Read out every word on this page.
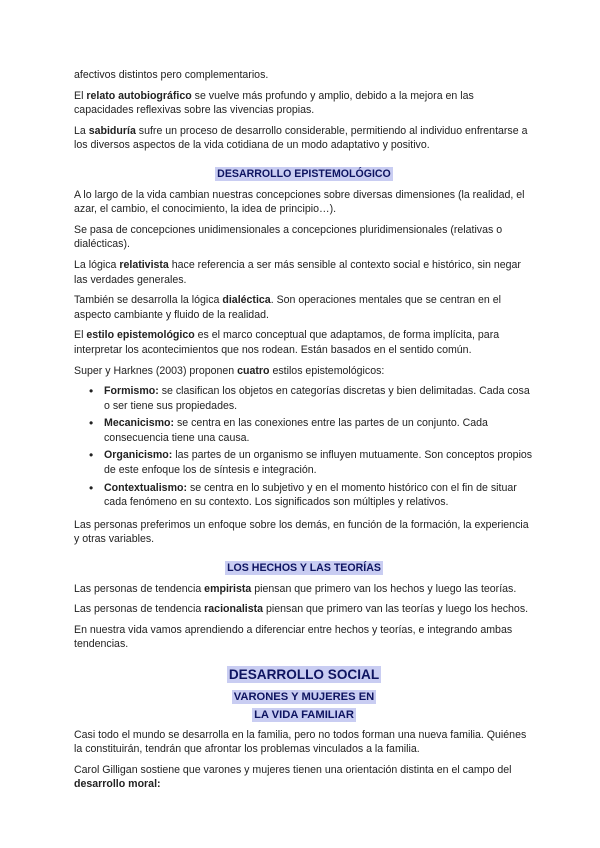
afectivos distintos pero complementarios.

El relato autobiográfico se vuelve más profundo y amplio, debido a la mejora en las capacidades reflexivas sobre las vivencias propias.

La sabiduría sufre un proceso de desarrollo considerable, permitiendo al individuo enfrentarse a los diversos aspectos de la vida cotidiana de un modo adaptativo y positivo.

DESARROLLO EPISTEMOLÓGICO

A lo largo de la vida cambian nuestras concepciones sobre diversas dimensiones (la realidad, el azar, el cambio, el conocimiento, la idea de principio…).

Se pasa de concepciones unidimensionales a concepciones pluridimensionales (relativas o dialécticas).

La lógica relativista hace referencia a ser más sensible al contexto social e histórico, sin negar las verdades generales.

También se desarrolla la lógica dialéctica. Son operaciones mentales que se centran en el aspecto cambiante y fluido de la realidad.

El estilo epistemológico es el marco conceptual que adaptamos, de forma implícita, para interpretar los acontecimientos que nos rodean. Están basados en el sentido común.

Super y Harknes (2003) proponen cuatro estilos epistemológicos:

• Formismo: se clasifican los objetos en categorías discretas y bien delimitadas. Cada cosa o ser tiene sus propiedades.
• Mecanicismo: se centra en las conexiones entre las partes de un conjunto. Cada consecuencia tiene una causa.
• Organicismo: las partes de un organismo se influyen mutuamente. Son conceptos propios de este enfoque los de síntesis e integración.
• Contextualismo: se centra en lo subjetivo y en el momento histórico con el fin de situar cada fenómeno en su contexto. Los significados son múltiples y relativos.

Las personas preferimos un enfoque sobre los demás, en función de la formación, la experiencia y otras variables.

LOS HECHOS Y LAS TEORÍAS

Las personas de tendencia empirista piensan que primero van los hechos y luego las teorías.

Las personas de tendencia racionalista piensan que primero van las teorías y luego los hechos.

En nuestra vida vamos aprendiendo a diferenciar entre hechos y teorías, e integrando ambas tendencias.

DESARROLLO SOCIAL
VARONES Y MUJERES EN
LA VIDA FAMILIAR

Casi todo el mundo se desarrolla en la familia, pero no todos forman una nueva familia. Quiénes la constituirán, tendrán que afrontar los problemas vinculados a la familia.

Carol Gilligan sostiene que varones y mujeres tienen una orientación distinta en el campo del desarrollo moral:
